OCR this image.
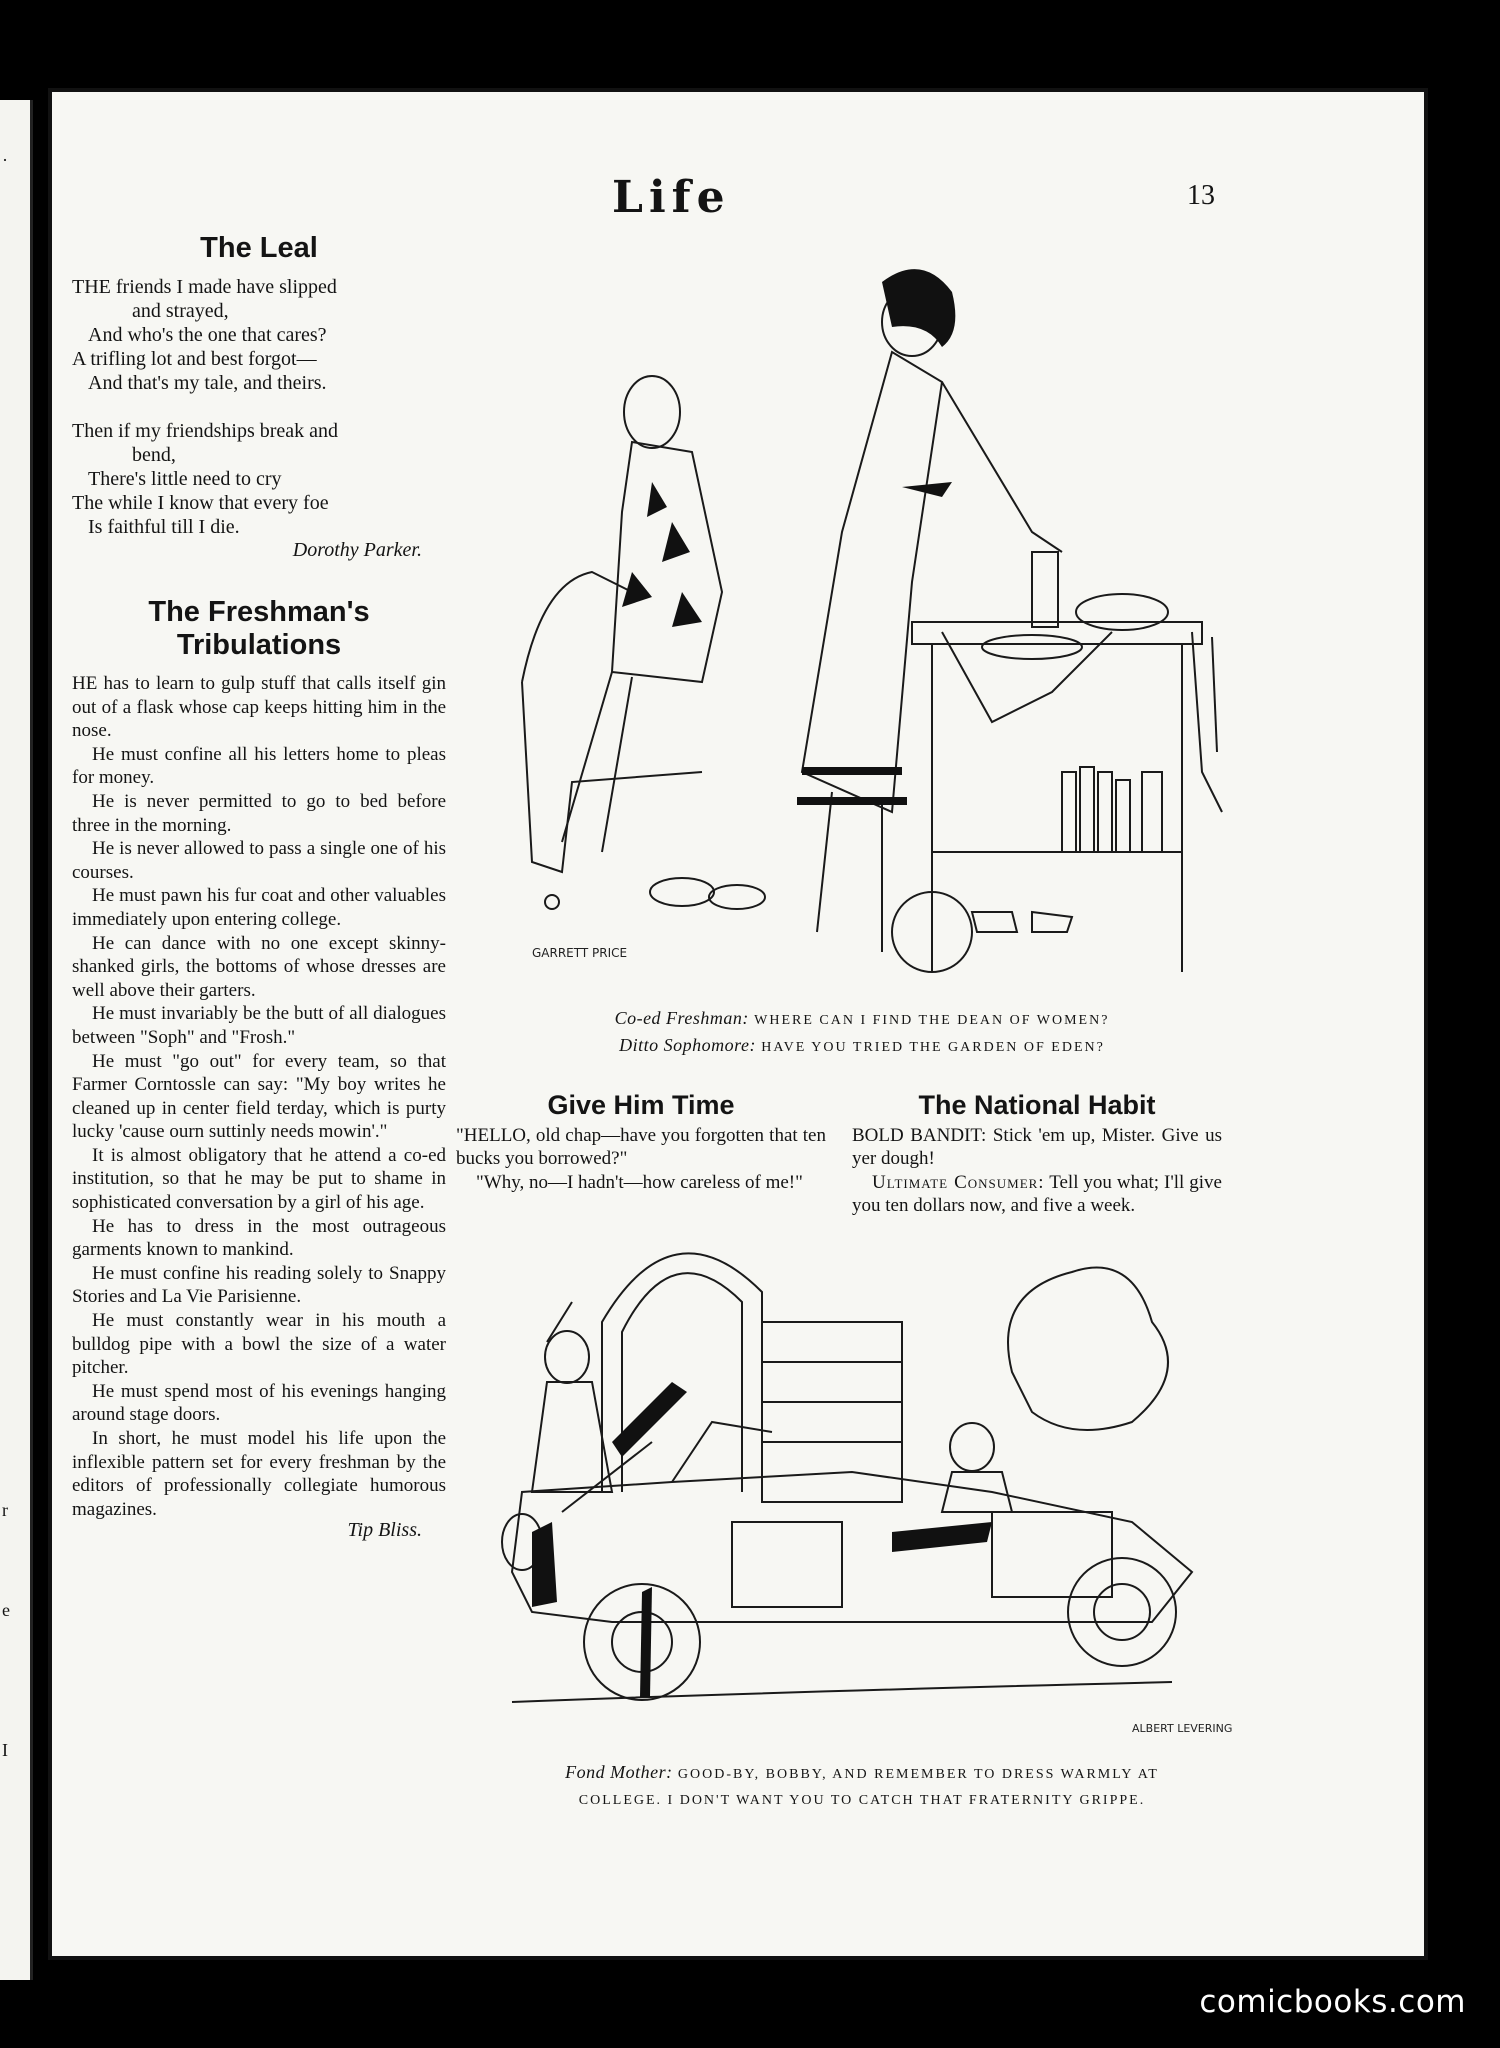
·
r
e
I
Life	13
The Leal
THE friends I made have slipped
and strayed,
And who's the one that cares?
A trifling lot and best forgot—
And that's my tale, and theirs.
Then if my friendships break and
bend,
There's little need to cry
The while I know that every foe
Is faithful till I die.
Dorothy Parker.
The Freshman's
Tribulations

HE has to learn to gulp stuff that calls itself gin out of a flask whose cap keeps hitting him in the nose.

He must confine all his letters home to pleas for money.

He is never permitted to go to bed before three in the morning.

He is never allowed to pass a single one of his courses.

He must pawn his fur coat and other valuables immediately upon entering college.

He can dance with no one except skinny-shanked girls, the bottoms of whose dresses are well above their garters.

He must invariably be the butt of all dialogues between "Soph" and "Frosh."

He must "go out" for every team, so that Farmer Corntossle can say: "My boy writes he cleaned up in center field terday, which is purty lucky 'cause ourn suttinly needs mowin'."

It is almost obligatory that he attend a co-ed institution, so that he may be put to shame in sophisticated conversation by a girl of his age.

He has to dress in the most outrageous garments known to mankind.

He must confine his reading solely to Snappy Stories and La Vie Parisienne.

He must constantly wear in his mouth a bulldog pipe with a bowl the size of a water pitcher.

He must spend most of his evenings hanging around stage doors.

In short, he must model his life upon the inflexible pattern set for every freshman by the editors of professionally collegiate humorous magazines.

Tip Bliss.
GARRETT PRICE
Co-ed Freshman: WHERE CAN I FIND THE DEAN OF WOMEN?
Ditto Sophomore: HAVE YOU TRIED THE GARDEN OF EDEN?
Give Him Time

"HELLO, old chap—have you forgotten that ten bucks you borrowed?"

"Why, no—I hadn't—how careless of me!"

The National Habit

BOLD BANDIT: Stick 'em up, Mister. Give us yer dough!

Ultimate Consumer: Tell you what; I'll give you ten dollars now, and five a week.

ALBERT LEVERING
Fond Mother: GOOD-BY, BOBBY, AND REMEMBER TO DRESS WARMLY AT COLLEGE. I DON'T WANT YOU TO CATCH THAT FRATERNITY GRIPPE.
comicbooks.com
